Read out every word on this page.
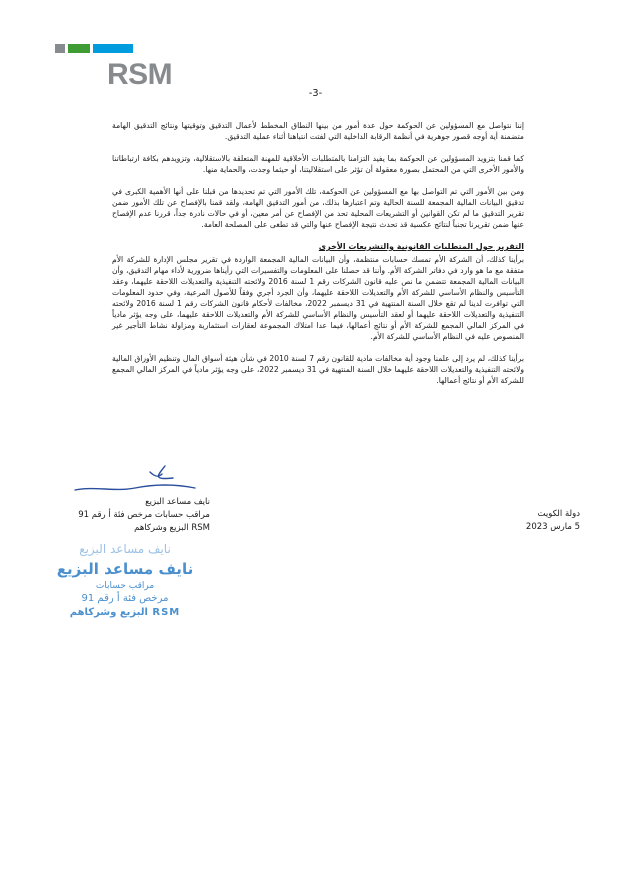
RSM
-3-

إننا نتواصل مع المسؤولين عن الحوكمة حول عدة أمور من بينها النطاق المخطط لأعمال التدقيق وتوقيتها ونتائج التدقيق الهامة متضمنة أية أوجه قصور جوهرية في أنظمة الرقابة الداخلية التي لفتت انتباهنا أثناء عملية التدقيق.

كما قمنا بتزويد المسؤولين عن الحوكمة بما يفيد التزامنا بالمتطلبات الأخلاقية للمهنة المتعلقة بالاستقلالية، وتزويدهم بكافة ارتباطاتنا والأمور الأخرى التي من المحتمل بصورة معقولة أن تؤثر على استقلاليتنا، أو حيثما وجدت، والحماية منها.

ومن بين الأمور التي تم التواصل بها مع المسؤولين عن الحوكمة، تلك الأمور التي تم تحديدها من قبلنا على أنها الأهمية الكبرى في تدقيق البيانات المالية المجمعة للسنة الحالية وتم اعتبارها بذلك، من أمور التدقيق الهامة، ولقد قمنا بالإفصاح عن تلك الأمور ضمن تقرير التدقيق ما لم تكن القوانين أو التشريعات المحلية تحد من الإفصاح عن أمر معين، أو في حالات نادرة جداً، قررنا عدم الإفصاح عنها ضمن تقريرنا تجنباً لنتائج عكسية قد تحدث نتيجة الإفصاح عنها والتي قد تطغى على المصلحة العامة.

التقرير حول المتطلبات القانونية والتشريعات الأخرى

برأينا كذلك، أن الشركة الأم تمسك حسابات منتظمة، وأن البيانات المالية المجمعة الواردة في تقرير مجلس الإدارة للشركة الأم متفقة مع ما هو وارد في دفاتر الشركة الأم. وأننا قد حصلنا على المعلومات والتفسيرات التي رأيناها ضرورية لأداء مهام التدقيق، وأن البيانات المالية المجمعة تتضمن ما نص عليه قانون الشركات رقم 1 لسنة 2016 ولائحته التنفيذية والتعديلات اللاحقة عليهما، وعقد التأسيس والنظام الأساسي للشركة الأم والتعديلات اللاحقة عليهما، وأن الجرد أجري وفقاً للأصول المرعية، وفي حدود المعلومات التي توافرت لدينا لم تقع خلال السنة المنتهية في 31 ديسمبر 2022، مخالفات لأحكام قانون الشركات رقم 1 لسنة 2016 ولائحته التنفيذية والتعديلات اللاحقة عليهما أو لعقد التأسيس والنظام الأساسي للشركة الأم والتعديلات اللاحقة عليهما، على وجه يؤثر مادياً في المركز المالي المجمع للشركة الأم أو نتائج أعمالها، فيما عدا امتلاك المجموعة لعقارات استثمارية ومزاولة نشاط التأجير غير المنصوص عليه في النظام الأساسي للشركة الأم.

برأينا كذلك، لم يرد إلى علمنا وجود أية مخالفات مادية للقانون رقم 7 لسنة 2010 في شأن هيئة أسواق المال وتنظيم الأوراق المالية ولائحته التنفيذية والتعديلات اللاحقة عليهما خلال السنة المنتهية في 31 ديسمبر 2022، على وجه يؤثر مادياً في المركز المالي المجمع للشركة الأم أو نتائج أعمالها.

نايف مساعد البزيع
مراقب حسابات مرخص فئة أ رقم 91
RSM البزيع وشركاهم
دولة الكويت
5 مارس 2023
نايف مساعد البزيع
نايف مساعد البزيع
مراقب حسابات
مرخص فئة أ رقم 91
RSM البزيع وشركاهم
